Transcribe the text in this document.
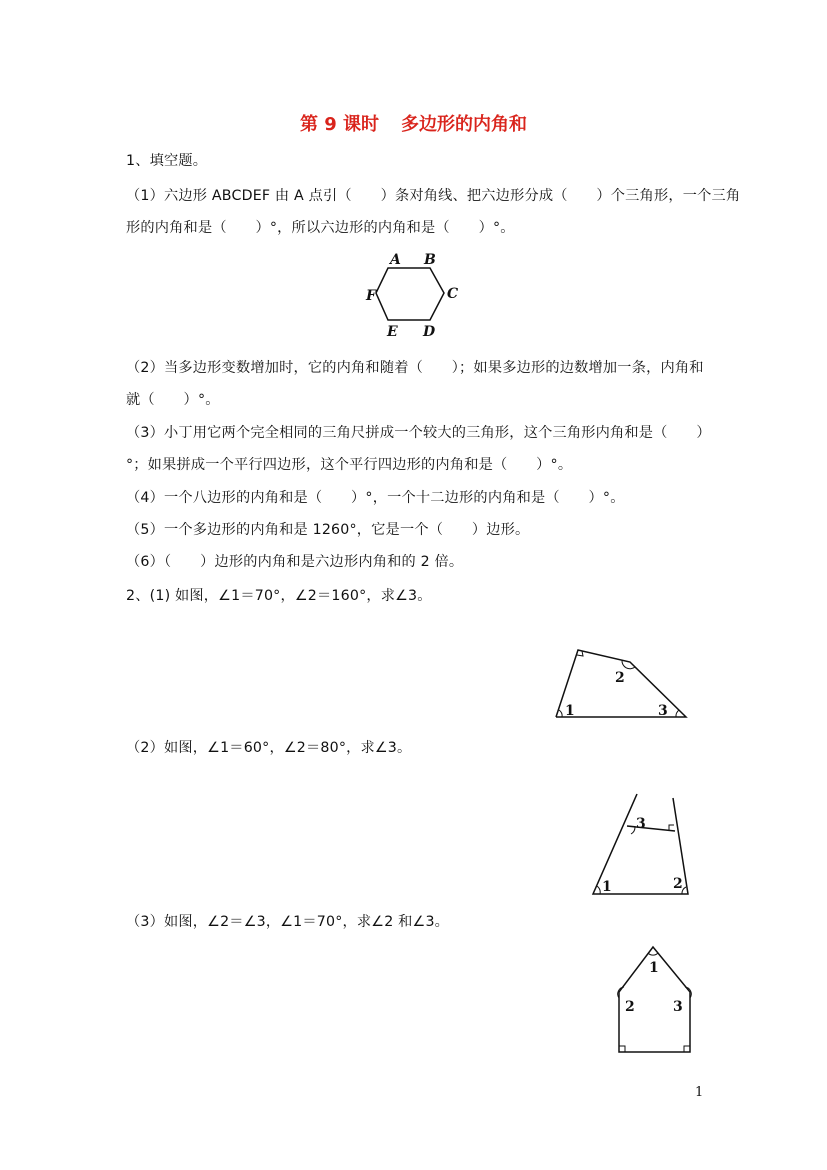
第 9 课时 多边形的内角和
1、填空题。
（1）六边形 ABCDEF 由 A 点引（　　）条对角线、把六边形分成（　　）个三角形，一个三角
形的内角和是（　　）°，所以六边形的内角和是（　　）°。
A B
C
D
E
F
（2）当多边形变数增加时，它的内角和随着（　　）；如果多边形的边数增加一条，内角和
就（　　）°。
（3）小丁用它两个完全相同的三角尺拼成一个较大的三角形，这个三角形内角和是（　　）
°；如果拼成一个平行四边形，这个平行四边形的内角和是（　　）°。
（4）一个八边形的内角和是（　　）°，一个十二边形的内角和是（　　）°。
（5）一个多边形的内角和是 1260°，它是一个（　　）边形。
（6）（　　）边形的内角和是六边形内角和的 2 倍。
2、(1) 如图，∠1＝70°，∠2＝160°，求∠3。
1
2
3
（2）如图，∠1＝60°，∠2＝80°，求∠3。
1	2
3
（3）如图，∠2＝∠3，∠1＝70°，求∠2 和∠3。
1
2	3
1
